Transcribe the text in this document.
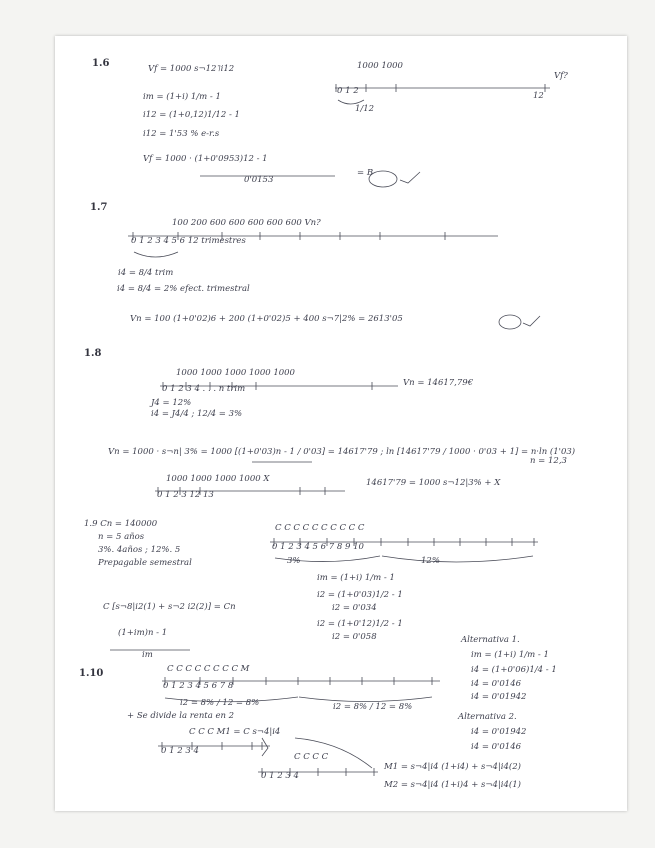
1.6	Vf = 1000 s¬12˥i12	1000 1000
Vf?
0 1 2	12
im = (1+i) 1/m - 1
i12 = (1+0,12)1/12 - 1
1/12
i12 = 1'53 % e-r.s
Vf = 1000 · (1+0'0953)12 - 1
0'0153
= B
1.7
100 200 600 600 600 600 600 Vn?
0 1 2 3 4 5 6 12 trimestres
i4 = 8/4 trim
i4 = 8/4 = 2% efect. trimestral
Vn = 100 (1+0'02)6 + 200 (1+0'02)5 + 400 s¬7|2% = 2613'05
1.8
1000 1000 1000 1000 1000
Vn = 14617,79€
0 1 2 3 4 . . . n trim
J4 = 12%
i4 = J4/4 ; 12/4 = 3%
Vn = 1000 · s¬n| 3% = 1000 [(1+0'03)n - 1 / 0'03] = 14617'79 ; ln [14617'79 / 1000 · 0'03 + 1] = n·ln (1'03)
n = 12,3
1000 1000 1000 1000 X	14617'79 = 1000 s¬12|3% + X
0 1 2 3 12 13
1.9 Cn = 140000
n = 5 años
3%. 4años ; 12%. 5
Prepagable semestral
C C C C C C C C C C
0 1 2 3 4 5 6 7 8 9 10
3%	12%
im = (1+i) 1/m - 1
i2 = (1+0'03)1/2 - 1
i2 = 0'034
i2 = (1+0'12)1/2 - 1
i2 = 0'058
C [s¬8|i2(1) + s¬2 i2(2)] = Cn
(1+im)n - 1
im
Alternativa 1.
im = (1+i) 1/m - 1
i4 = (1+0'06)1/4 - 1
i4 = 0'0146
i4 = 0'01942
1.10	C C C C C C C C M
0 1 2 3 4 5 6 7 8
i2 = 8% / 12 = 8%	i2 = 8% / 12 = 8%
+ Se divide la renta en 2	Alternativa 2.
C C C M1 = C s¬4|i4	i4 = 0'01942
i4 = 0'0146
0 1 2 3 4
C C C C
0 1 2 3 4
M1 = s¬4|i4 (1+i4) + s¬4|i4(2)
M2 = s¬4|i4 (1+i)4 + s¬4|i4(1)
